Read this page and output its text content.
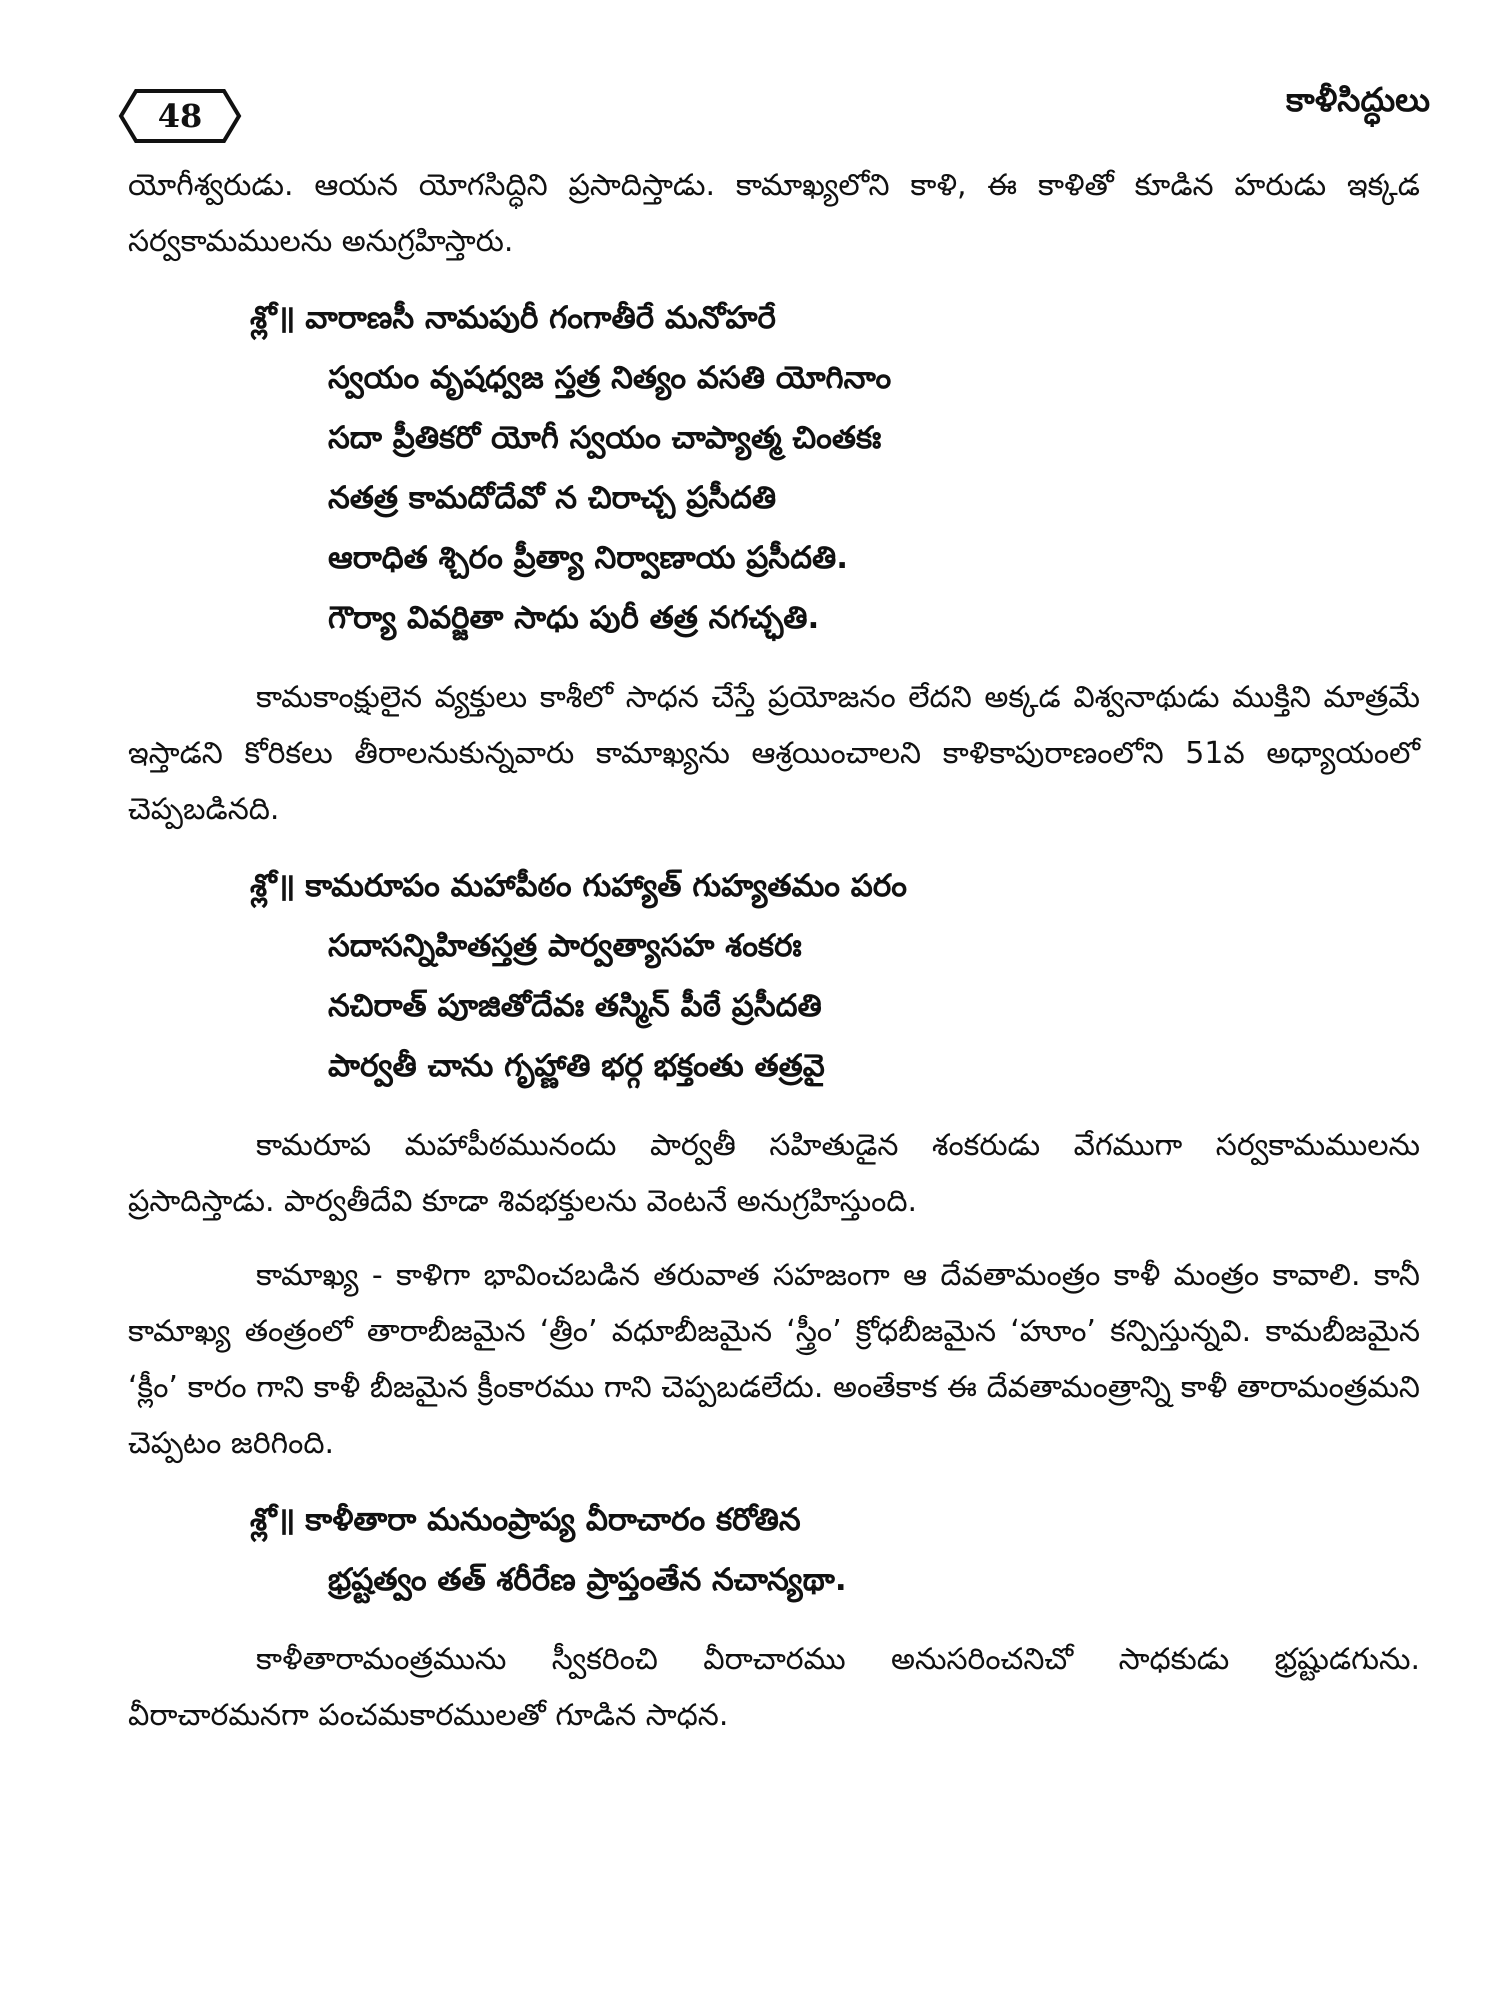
48	కాళీసిద్ధులు

యోగీశ్వరుడు. ఆయన యోగసిద్ధిని ప్రసాదిస్తాడు. కామాఖ్యలోని కాళి, ఈ కాళితో కూడిన హరుడు ఇక్కడ సర్వకామములను అనుగ్రహిస్తారు.

శ్లో॥ వారాణసీ నామపురీ గంగాతీరే మనోహరే
స్వయం వృషధ్వజ స్తత్ర నిత్యం వసతి యోగినాం
సదా ప్రీతికరో యోగీ స్వయం చాప్యాత్మ చింతకః
నతత్ర కామదోదేవో న చిరాచ్చ ప్రసీదతి
ఆరాధిత శ్చిరం ప్రీత్యా నిర్వాణాయ ప్రసీదతి.
గౌర్యా వివర్జితా సాధు పురీ తత్ర నగచ్ఛతి.

కామకాంక్షులైన వ్యక్తులు కాశీలో సాధన చేస్తే ప్రయోజనం లేదని అక్కడ విశ్వనాథుడు ముక్తిని మాత్రమే ఇస్తాడని కోరికలు తీరాలనుకున్నవారు కామాఖ్యను ఆశ్రయించాలని కాళికాపురాణంలోని 51వ అధ్యాయంలో చెప్పబడినది.

శ్లో॥ కామరూపం మహాపీఠం గుహ్యాత్ గుహ్యతమం పరం
సదాసన్నిహితస్తత్ర పార్వత్యాసహ శంకరః
నచిరాత్ పూజితోదేవః తస్మిన్ పీఠే ప్రసీదతి
పార్వతీ చాను గృహ్ణాతి భర్గ భక్తంతు తత్రవై

కామరూప మహాపీఠమునందు పార్వతీ సహితుడైన శంకరుడు వేగముగా సర్వకామములను ప్రసాదిస్తాడు. పార్వతీదేవి కూడా శివభక్తులను వెంటనే అనుగ్రహిస్తుంది.

కామాఖ్య - కాళిగా భావించబడిన తరువాత సహజంగా ఆ దేవతామంత్రం కాళీ మంత్రం కావాలి. కానీ కామాఖ్య తంత్రంలో తారాబీజమైన ‘త్రీం’ వధూబీజమైన ‘స్త్రీం’ క్రోధబీజమైన ‘హూం’ కన్పిస్తున్నవి. కామబీజమైన ‘క్లీం’ కారం గాని కాళీ బీజమైన క్రీంకారము గాని చెప్పబడలేదు. అంతేకాక ఈ దేవతామంత్రాన్ని కాళీ తారామంత్రమని చెప్పటం జరిగింది.

శ్లో॥ కాళీతారా మనుంప్రాప్య వీరాచారం కరోతిన
భ్రష్టత్వం తత్ శరీరేణ ప్రాప్తంతేన నచాన్యథా.

కాళీతారామంత్రమును స్వీకరించి వీరాచారము అనుసరించనిచో సాధకుడు భ్రష్టుడగును. వీరాచారమనగా పంచమకారములతో గూడిన సాధన.
